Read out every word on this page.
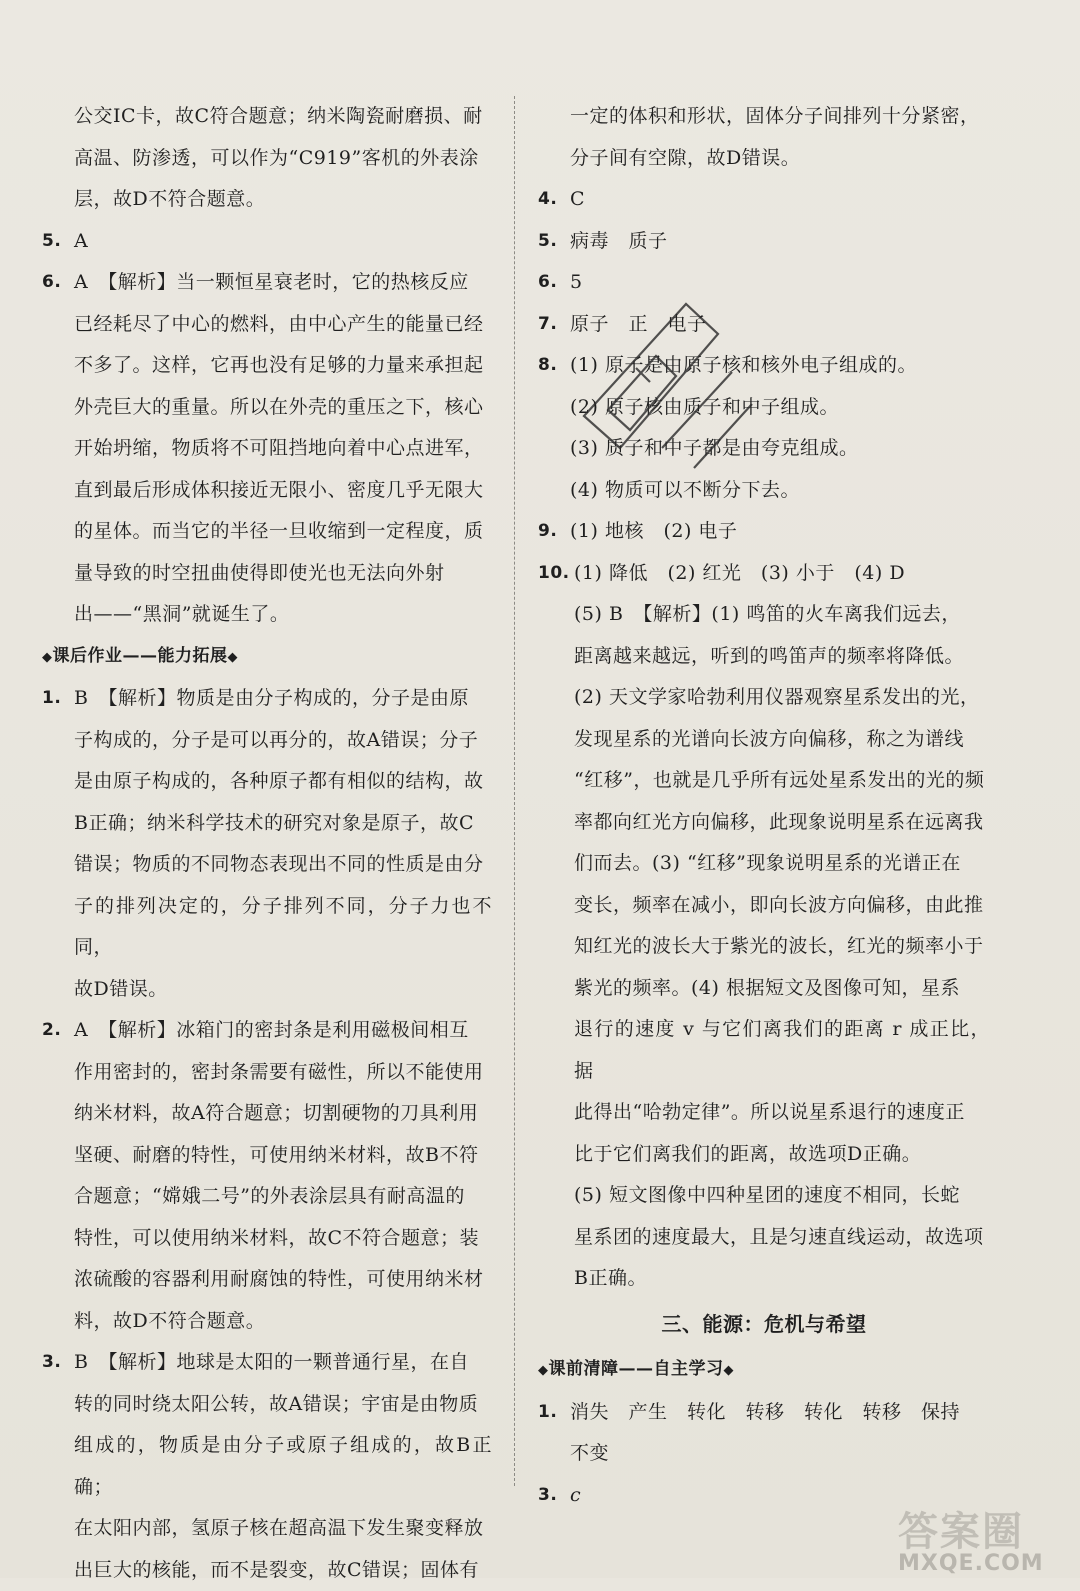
公交IC卡，故C符合题意；纳米陶瓷耐磨损、耐
高温、防渗透，可以作为“C919”客机的外表涂
层，故D不符合题意。
5. A
6. A　【解析】当一颗恒星衰老时，它的热核反应
已经耗尽了中心的燃料，由中心产生的能量已经
不多了。这样，它再也没有足够的力量来承担起
外壳巨大的重量。所以在外壳的重压之下，核心
开始坍缩，物质将不可阻挡地向着中心点进军，
直到最后形成体积接近无限小、密度几乎无限大
的星体。而当它的半径一旦收缩到一定程度，质
量导致的时空扭曲使得即使光也无法向外射
出——“黑洞”就诞生了。
◆课后作业——能力拓展◆
1. B　【解析】物质是由分子构成的，分子是由原
子构成的，分子是可以再分的，故A错误；分子
是由原子构成的，各种原子都有相似的结构，故
B正确；纳米科学技术的研究对象是原子，故C
错误；物质的不同物态表现出不同的性质是由分
子的排列决定的，分子排列不同，分子力也不同，
故D错误。
2. A　【解析】冰箱门的密封条是利用磁极间相互
作用密封的，密封条需要有磁性，所以不能使用
纳米材料，故A符合题意；切割硬物的刀具利用
坚硬、耐磨的特性，可使用纳米材料，故B不符
合题意；“嫦娥二号”的外表涂层具有耐高温的
特性，可以使用纳米材料，故C不符合题意；装
浓硫酸的容器利用耐腐蚀的特性，可使用纳米材
料，故D不符合题意。
3. B　【解析】地球是太阳的一颗普通行星，在自
转的同时绕太阳公转，故A错误；宇宙是由物质
组成的，物质是由分子或原子组成的，故B正确；
在太阳内部，氢原子核在超高温下发生聚变释放
出巨大的核能，而不是裂变，故C错误；固体有
一定的体积和形状，固体分子间排列十分紧密，
分子间有空隙，故D错误。
4. C
5. 病毒　质子
6. 5
7. 原子　正　电子
8. (1) 原子是由原子核和核外电子组成的。
(2) 原子核由质子和中子组成。
(3) 质子和中子都是由夸克组成。
(4) 物质可以不断分下去。
9. (1) 地核　(2) 电子
10. (1) 降低　(2) 红光　(3) 小于　(4) D
(5) B　【解析】(1) 鸣笛的火车离我们远去，
距离越来越远，听到的鸣笛声的频率将降低。
(2) 天文学家哈勃利用仪器观察星系发出的光，
发现星系的光谱向长波方向偏移，称之为谱线
“红移”，也就是几乎所有远处星系发出的光的频
率都向红光方向偏移，此现象说明星系在远离我
们而去。(3) “红移”现象说明星系的光谱正在
变长，频率在减小，即向长波方向偏移，由此推
知红光的波长大于紫光的波长，红光的频率小于
紫光的频率。(4) 根据短文及图像可知，星系
退行的速度 v 与它们离我们的距离 r 成正比，据
此得出“哈勃定律”。所以说星系退行的速度正
比于它们离我们的距离，故选项D正确。
(5) 短文图像中四种星团的速度不相同，长蛇
星系团的速度最大，且是匀速直线运动，故选项
B正确。
三、能源：危机与希望
◆课前清障——自主学习◆
1. 消失　产生　转化　转移　转化　转移　保持
不变
3. c
答案圈
MXQE.COM
